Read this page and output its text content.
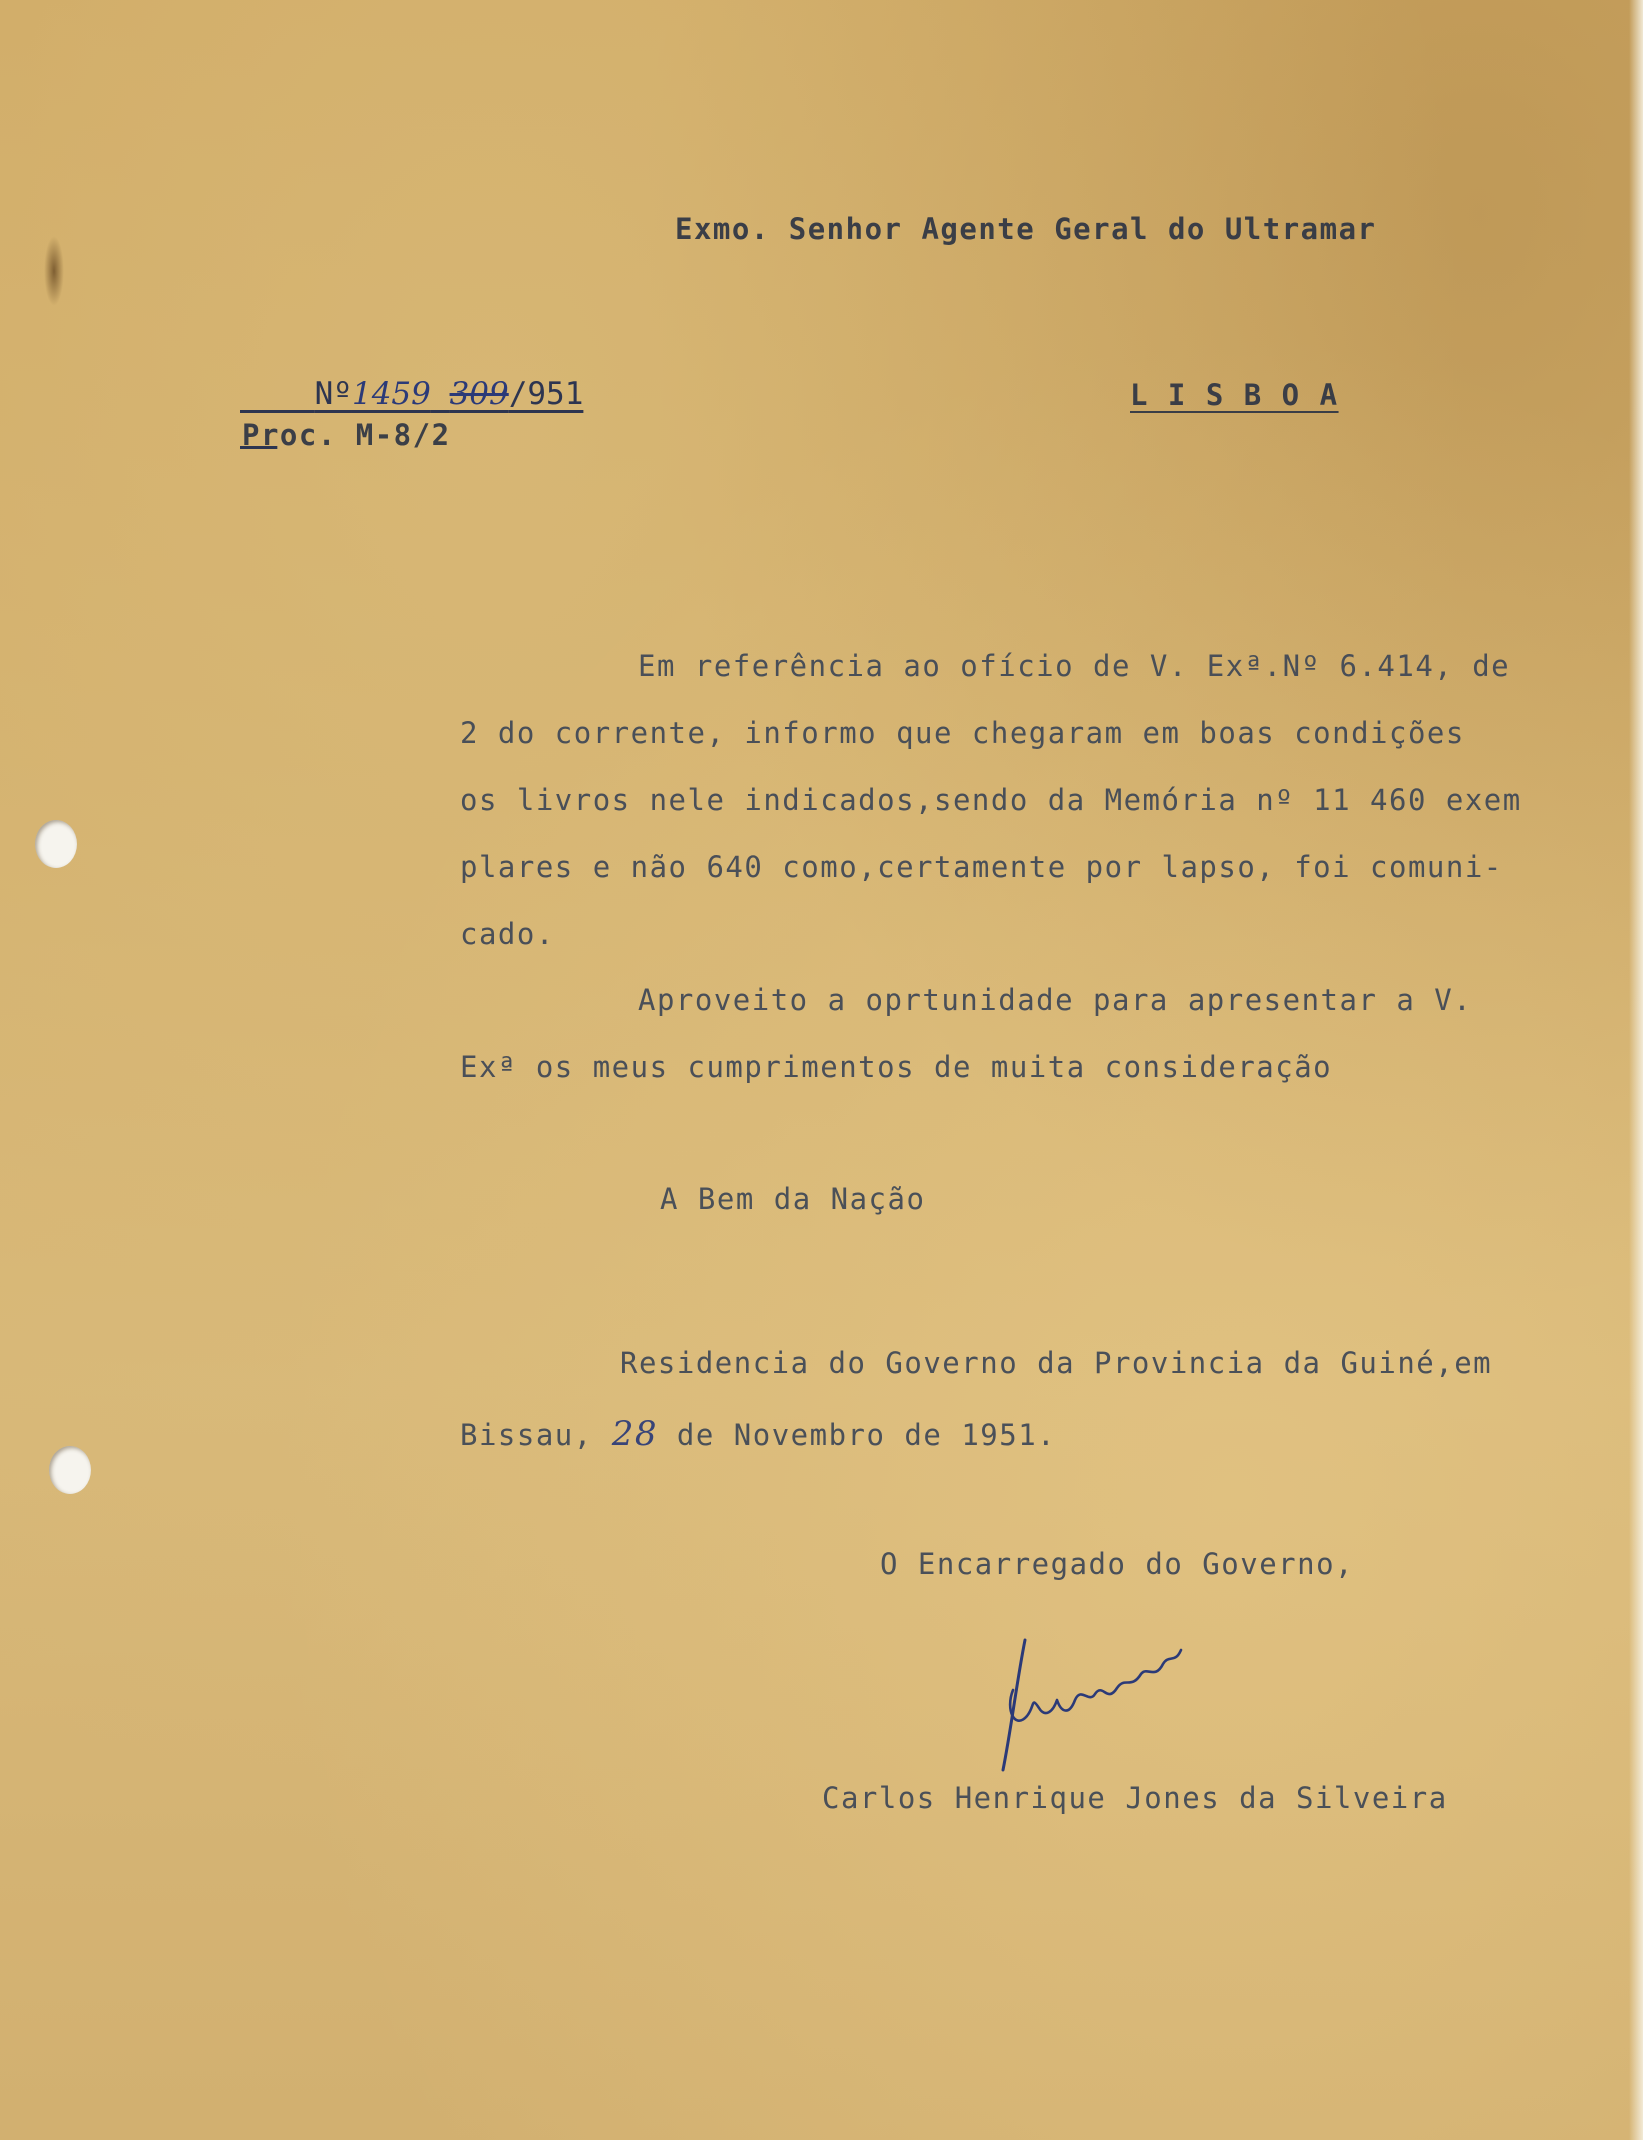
Exmo. Senhor Agente Geral do Ultramar

Nº1459 309/951

Proc. M-8/2
L I S B O A
Em referência ao ofício de V. Exª.Nº 6.414, de
2 do corrente, informo que chegaram em boas condições
os livros nele indicados,sendo da Memória nº 11 460 exem
plares e não 640 como,certamente por lapso, foi comuni-
cado.
Aproveito a oprtunidade para apresentar a V.
Exª os meus cumprimentos de muita consideração
A Bem da Nação
Residencia do Governo da Provincia da Guiné,em
Bissau, 28 de Novembro de 1951.
O Encarregado do Governo,
Carlos Henrique Jones da Silveira
